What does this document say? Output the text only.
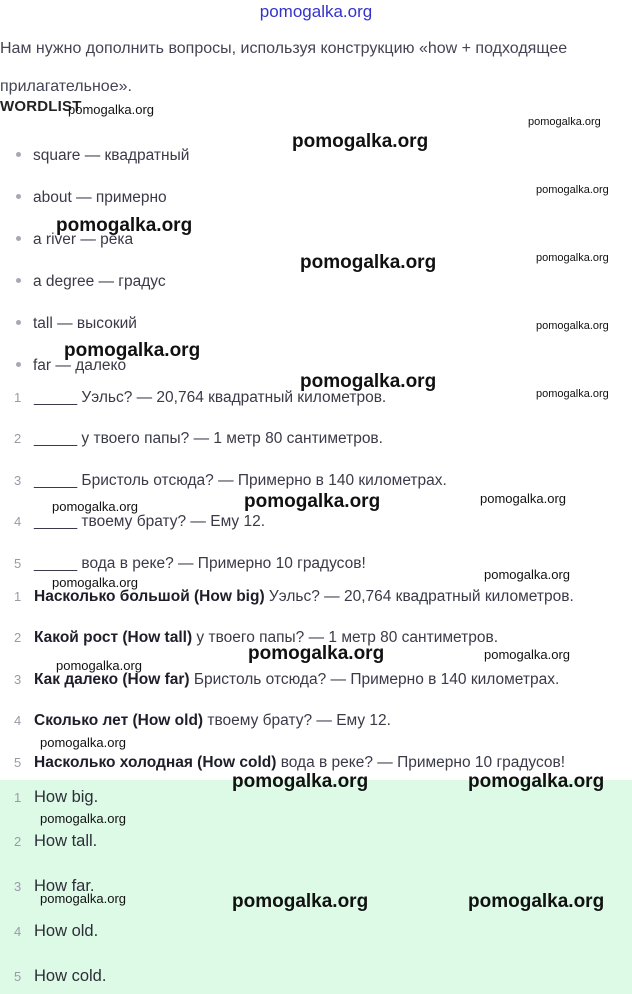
pomogalka.org
Нам нужно дополнить вопросы, используя конструкцию «how + подходящее прилагательное».
WORDLIST
square — квадратный
about — примерно
a river — река
a degree — градус
tall — высокий
far — далеко
1 _____ Уэльс? — 20,764 квадратный километров.
2 _____ у твоего папы? — 1 метр 80 сантиметров.
3 _____ Бристоль отсюда? — Примерно в 140 километрах.
4 _____ твоему брату? — Ему 12.
5 _____ вода в реке? — Примерно 10 градусов!
1 Насколько большой (How big) Уэльс? — 20,764 квадратный километров.
2 Какой рост (How tall) у твоего папы? — 1 метр 80 сантиметров.
3 Как далеко (How far) Бристоль отсюда? — Примерно в 140 километрах.
4 Сколько лет (How old) твоему брату? — Ему 12.
5 Насколько холодная (How cold) вода в реке? — Примерно 10 градусов!
1 How big.
2 How tall.
3 How far.
4 How old.
5 How cold.
pomogalka.org
pomogalka.org
pomogalka.org
pomogalka.org
pomogalka.org
pomogalka.org	pomogalka.org
pomogalka.org
pomogalka.org
pomogalka.org
pomogalka.org
pomogalka.org	pomogalka.org
pomogalka.org
pomogalka.org
pomogalka.org
pomogalka.org	pomogalka.org
pomogalka.org
pomogalka.org
pomogalka.org	pomogalka.org
pomogalka.org
pomogalka.org	pomogalka.org	pomogalka.org
